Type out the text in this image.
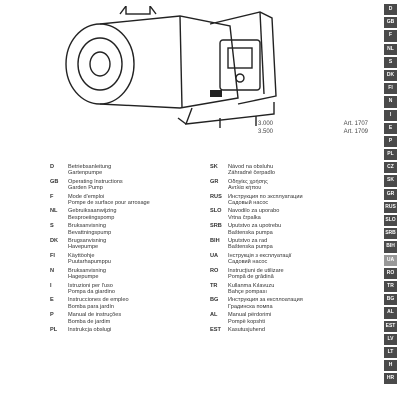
3.000	Art. 1707
3.500	Art. 1709
D	Betriebsanleitung
Gartenpumpe
SK	Návod na obsluhu
Záhradné čerpadlo
GB	Operating Instructions
Garden Pump
GR	Οδηγίες χρήσης
Αντλία κήπου
F	Mode d'emploi
Pompe de surface pour arrosage
RUS	Инструкция по эксплуатации
Садовый насос
NL	Gebruiksaanwijzing
Besproeiingspomp
SLO	Navodilo za uporabo
Vrtna črpalka
S	Bruksanvisning
Bevattningspump
SRB	Uputstvo za upotrebu
Baštenska pumpa
DK	Brugsanvisning
Havepumpe
BIH	Uputstvo za rad
Baštenska pumpa
FI	Käyttöohje
Puutarhapumppu
UA	Інструкція з експлуатації
Садовий насос
N	Bruksanvisning
Hagepumpe
RO	Instrucţiuni de utilizare
Pompă de grădină
I	Istruzioni per l'uso
Pompa da giardino
TR	Kullanma Kılavuzu
Bahçe pompası
E	Instrucciones de empleo
Bomba para jardín
BG	Инструкция за експлоатация
Градинска помпа
P	Manual de instruções
Bomba de jardim
AL	Manual përdorimi
Pompë kopshti
PL	Instrukcja obsługi	EST	Kasutusjuhend
D
GB
F
NL
S
DK
FI
N
I
E
P
PL
CZ
SK
GR
RUS
SLO
SRB
BIH
UA
RO
TR
BG
AL
EST
LV
LT
H
HR
